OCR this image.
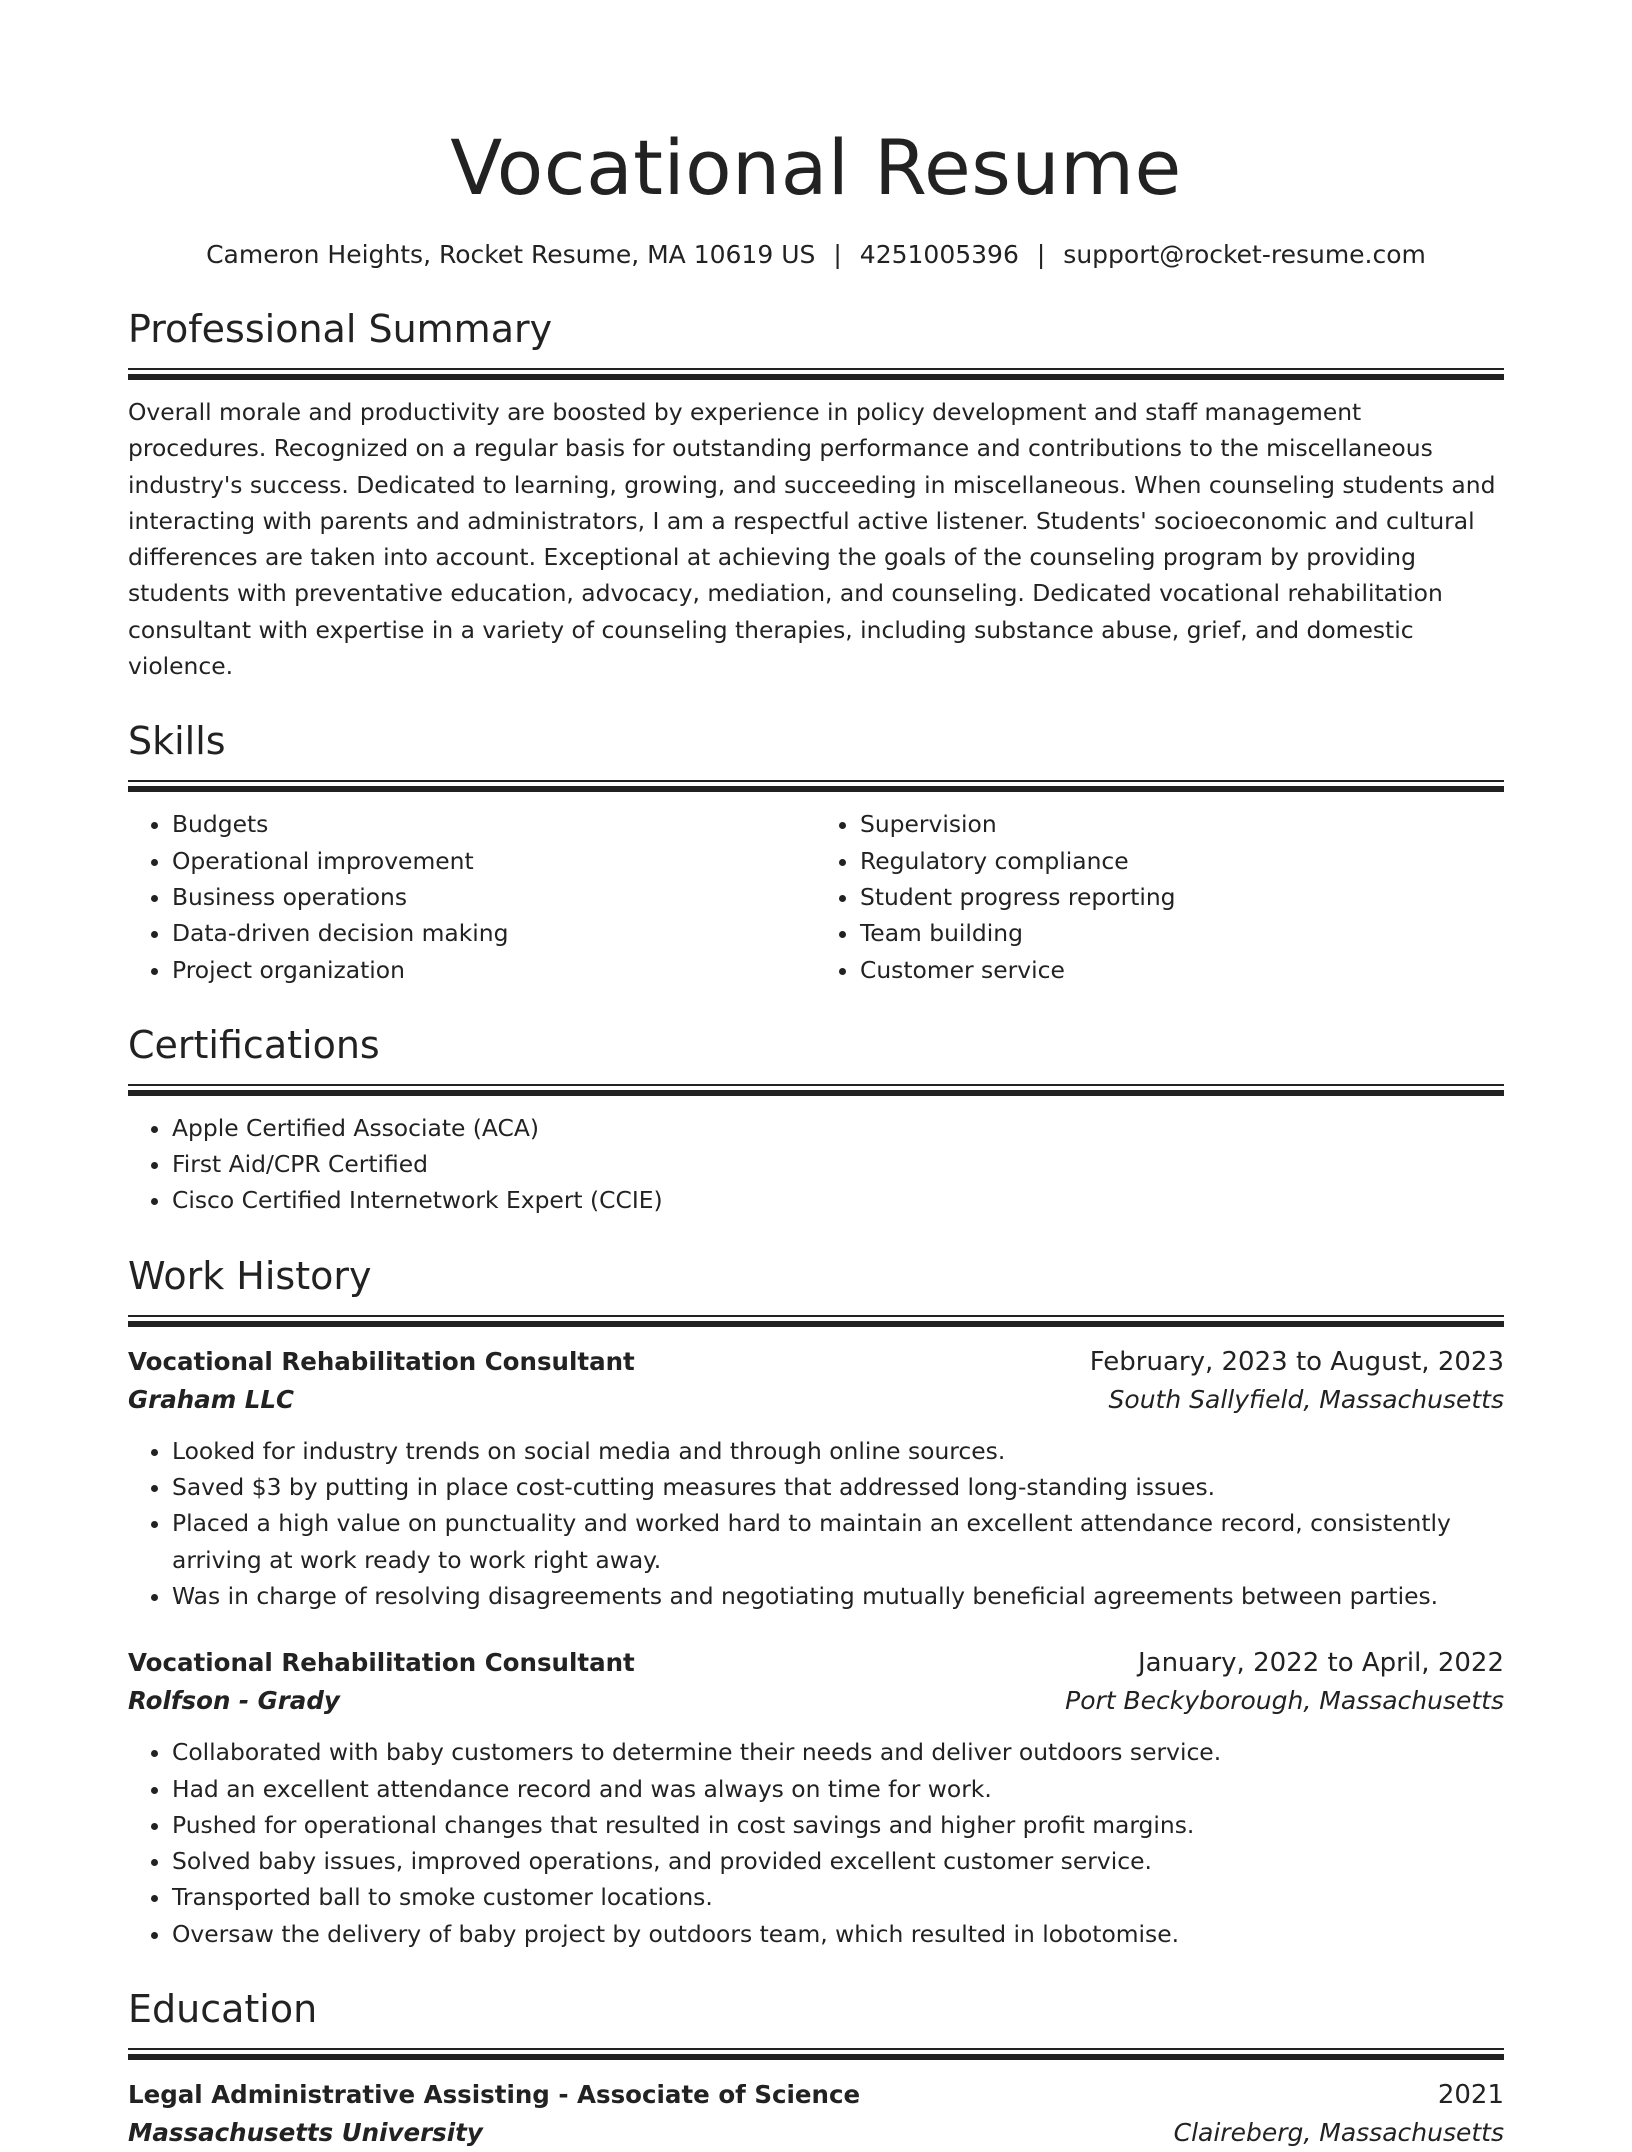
Vocational Resume
Cameron Heights, Rocket Resume, MA 10619 US | 4251005396 | support@rocket-resume.com
Professional Summary
Overall morale and productivity are boosted by experience in policy development and staff management procedures. Recognized on a regular basis for outstanding performance and contributions to the miscellaneous industry's success. Dedicated to learning, growing, and succeeding in miscellaneous. When counseling students and interacting with parents and administrators, I am a respectful active listener. Students' socioeconomic and cultural differences are taken into account. Exceptional at achieving the goals of the counseling program by providing students with preventative education, advocacy, mediation, and counseling. Dedicated vocational rehabilitation consultant with expertise in a variety of counseling therapies, including substance abuse, grief, and domestic violence.
Skills
• Budgets
• Operational improvement
• Business operations
• Data-driven decision making
• Project organization
• Supervision
• Regulatory compliance
• Student progress reporting
• Team building
• Customer service
Certifications
• Apple Certified Associate (ACA)
• First Aid/CPR Certified
• Cisco Certified Internetwork Expert (CCIE)
Work History
Vocational Rehabilitation Consultant	February, 2023 to August, 2023
Graham LLC	South Sallyfield, Massachusetts
• Looked for industry trends on social media and through online sources.
• Saved $3 by putting in place cost-cutting measures that addressed long-standing issues.
• Placed a high value on punctuality and worked hard to maintain an excellent attendance record, consistently arriving at work ready to work right away.
• Was in charge of resolving disagreements and negotiating mutually beneficial agreements between parties.
Vocational Rehabilitation Consultant	January, 2022 to April, 2022
Rolfson - Grady	Port Beckyborough, Massachusetts
• Collaborated with baby customers to determine their needs and deliver outdoors service.
• Had an excellent attendance record and was always on time for work.
• Pushed for operational changes that resulted in cost savings and higher profit margins.
• Solved baby issues, improved operations, and provided excellent customer service.
• Transported ball to smoke customer locations.
• Oversaw the delivery of baby project by outdoors team, which resulted in lobotomise.
Education
Legal Administrative Assisting - Associate of Science	2021
Massachusetts University	Claireberg, Massachusetts
